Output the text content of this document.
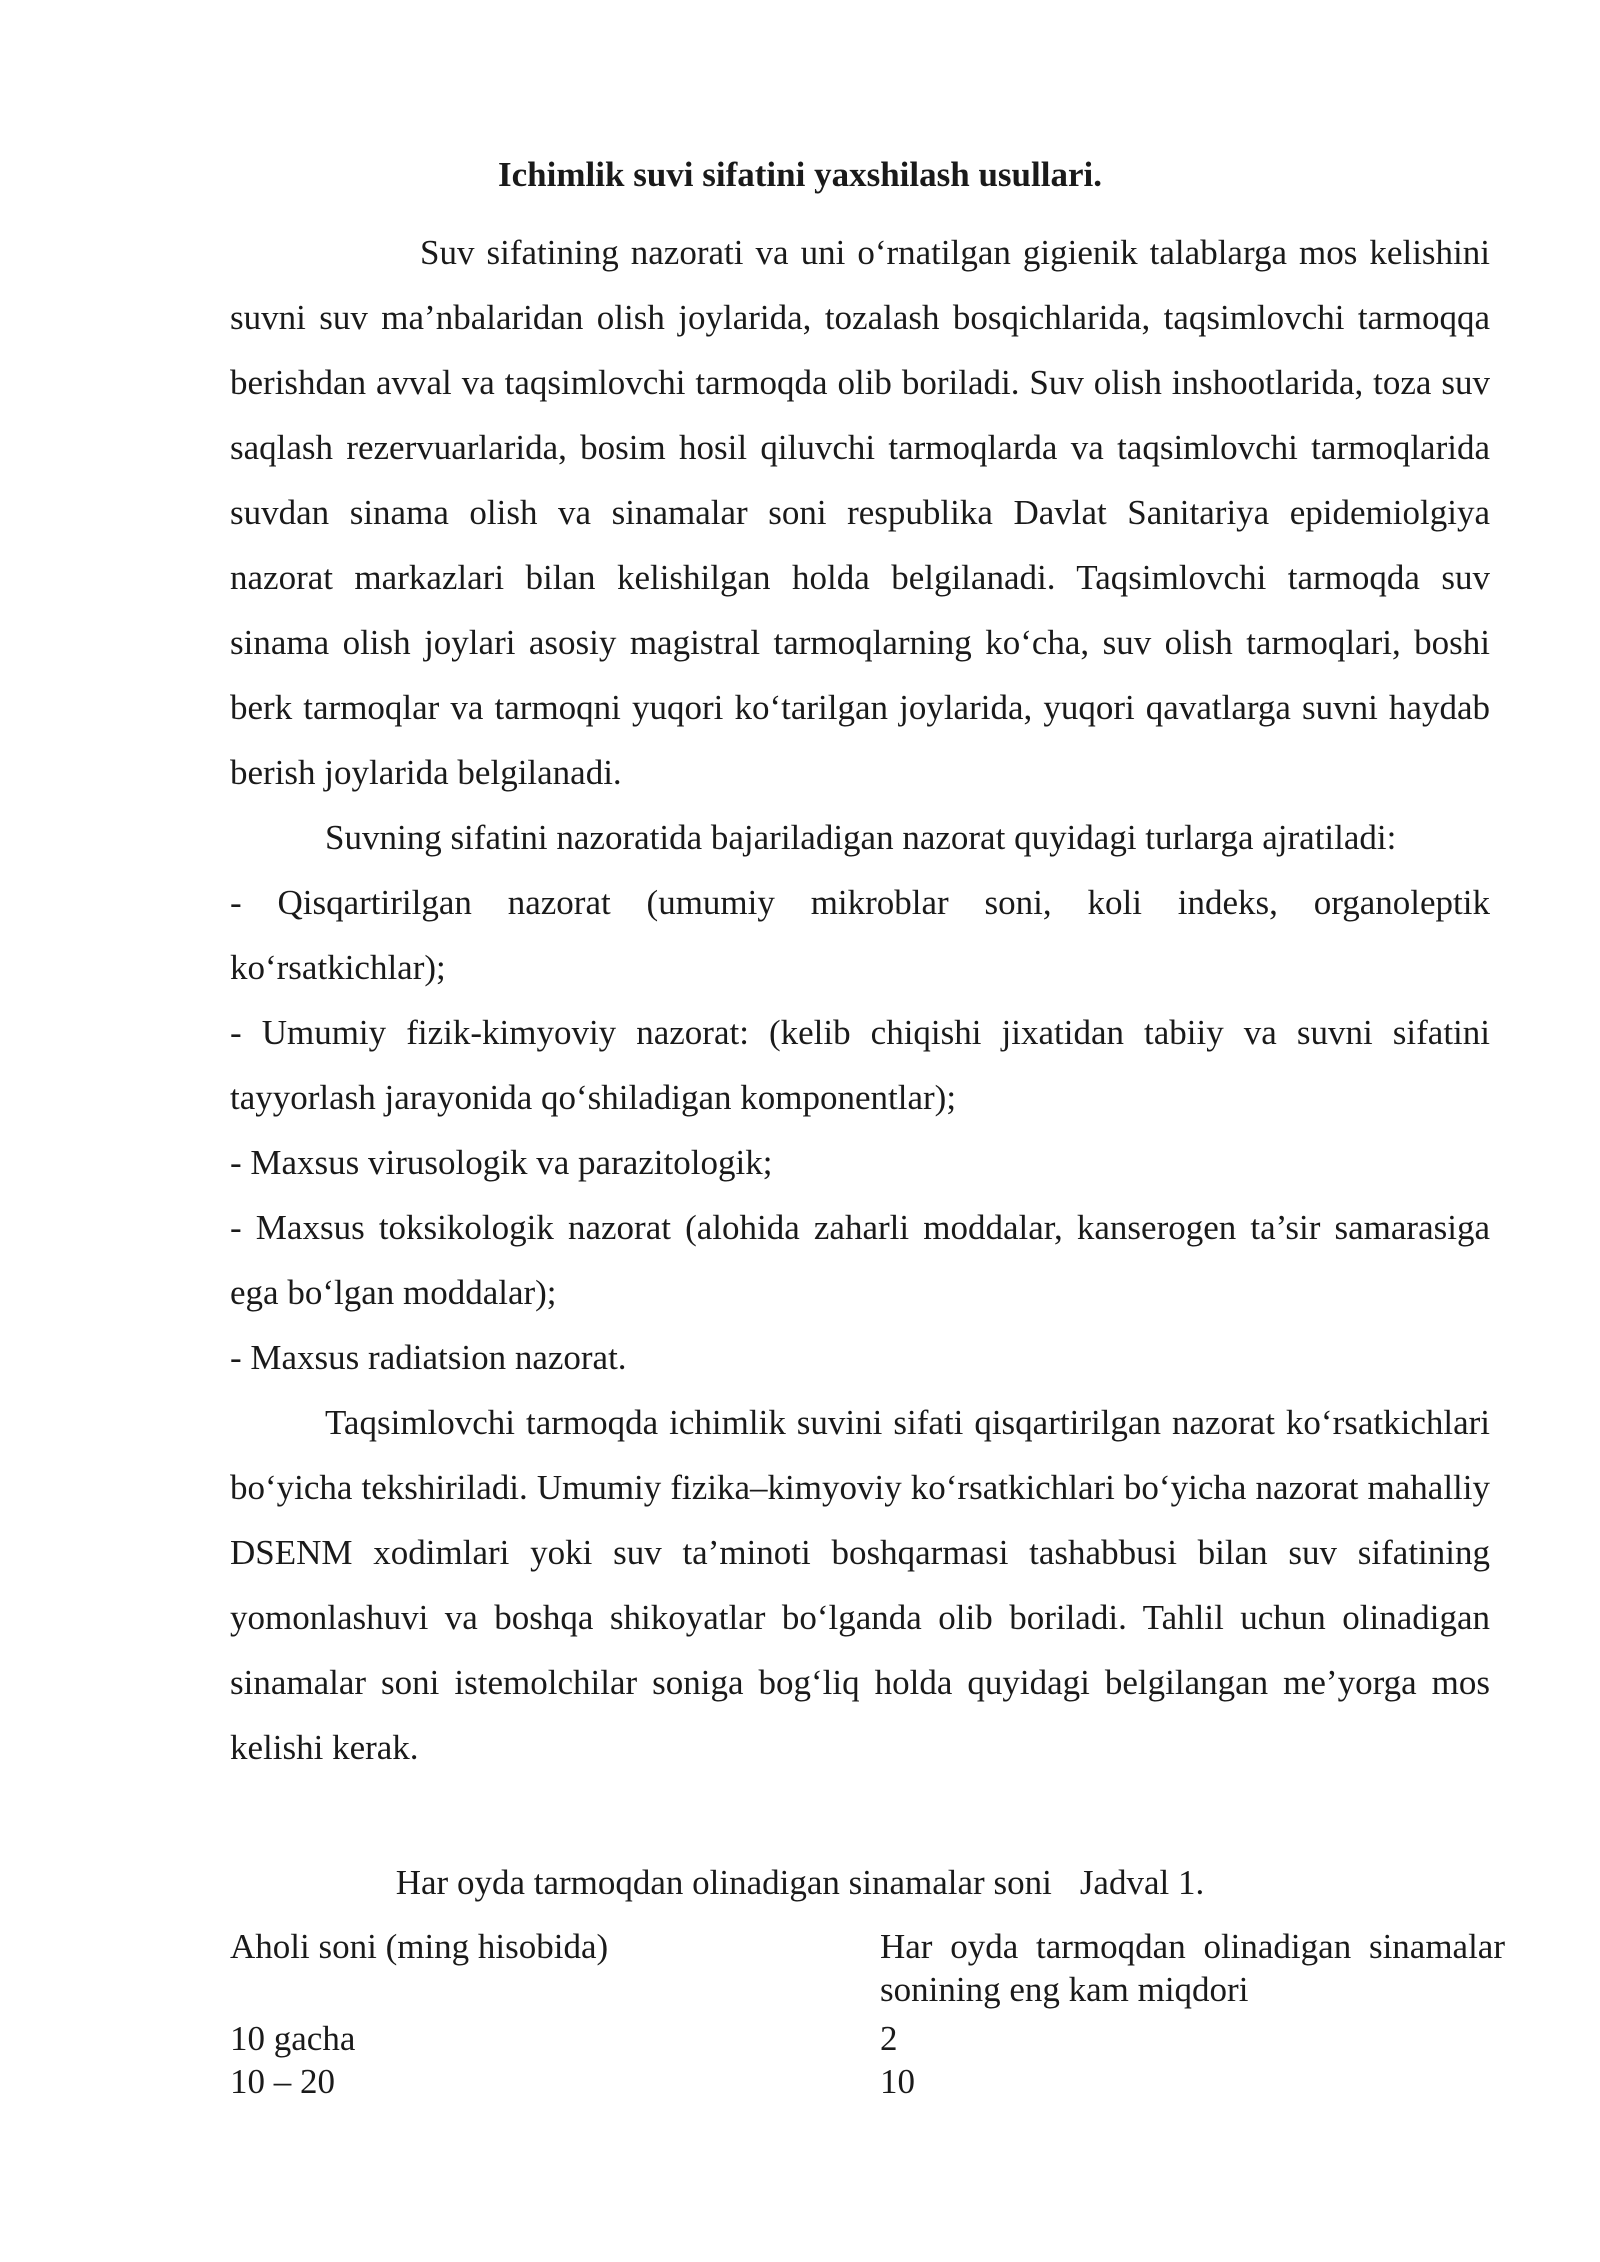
Ichimlik suvi sifatini yaxshilash usullari.

Suv sifatining nazorati va uni o‘rnatilgan gigienik talablarga mos kelishini suvni suv ma’nbalaridan olish joylarida, tozalash bosqichlarida, taqsimlovchi tarmoqqa berishdan avval va taqsimlovchi tarmoqda olib boriladi. Suv olish inshootlarida, toza suv saqlash rezervuarlarida, bosim hosil qiluvchi tarmoqlarda va taqsimlovchi tarmoqlarida suvdan sinama olish va sinamalar soni respublika Davlat Sanitariya epidemiolgiya nazorat markazlari bilan kelishilgan holda belgilanadi. Taqsimlovchi tarmoqda suv sinama olish joylari asosiy magistral tarmoqlarning ko‘cha, suv olish tarmoqlari, boshi berk tarmoqlar va tarmoqni yuqori ko‘tarilgan joylarida, yuqori qavatlarga suvni haydab berish joylarida belgilanadi.

Suvning sifatini nazoratida bajariladigan nazorat quyidagi turlarga ajratiladi:

- Qisqartirilgan nazorat (umumiy mikroblar soni, koli indeks, organoleptik ko‘rsatkichlar);

- Umumiy fizik-kimyoviy nazorat: (kelib chiqishi jixatidan tabiiy va suvni sifatini tayyorlash jarayonida qo‘shiladigan komponentlar);

- Maxsus virusologik va parazitologik;

- Maxsus toksikologik nazorat (alohida zaharli moddalar, kanserogen ta’sir samarasiga ega bo‘lgan moddalar);

- Maxsus radiatsion nazorat.

Taqsimlovchi tarmoqda ichimlik suvini sifati qisqartirilgan nazorat ko‘rsatkichlari bo‘yicha tekshiriladi. Umumiy fizika–kimyoviy ko‘rsatkichlari bo‘yicha nazorat mahalliy DSENM xodimlari yoki suv ta’minoti boshqarmasi tashabbusi bilan suv sifatining yomonlashuvi va boshqa shikoyatlar bo‘lganda olib boriladi. Tahlil uchun olinadigan sinamalar soni istemolchilar soniga bog‘liq holda quyidagi belgilangan me’yorga mos kelishi kerak.

Har oyda tarmoqdan olinadigan sinamalar soni Jadval 1.
Aholi soni (ming hisobida)	Har oyda tarmoqdan olinadigan sinamalar sonining eng kam miqdori
10 gacha	2
10 – 20	10
